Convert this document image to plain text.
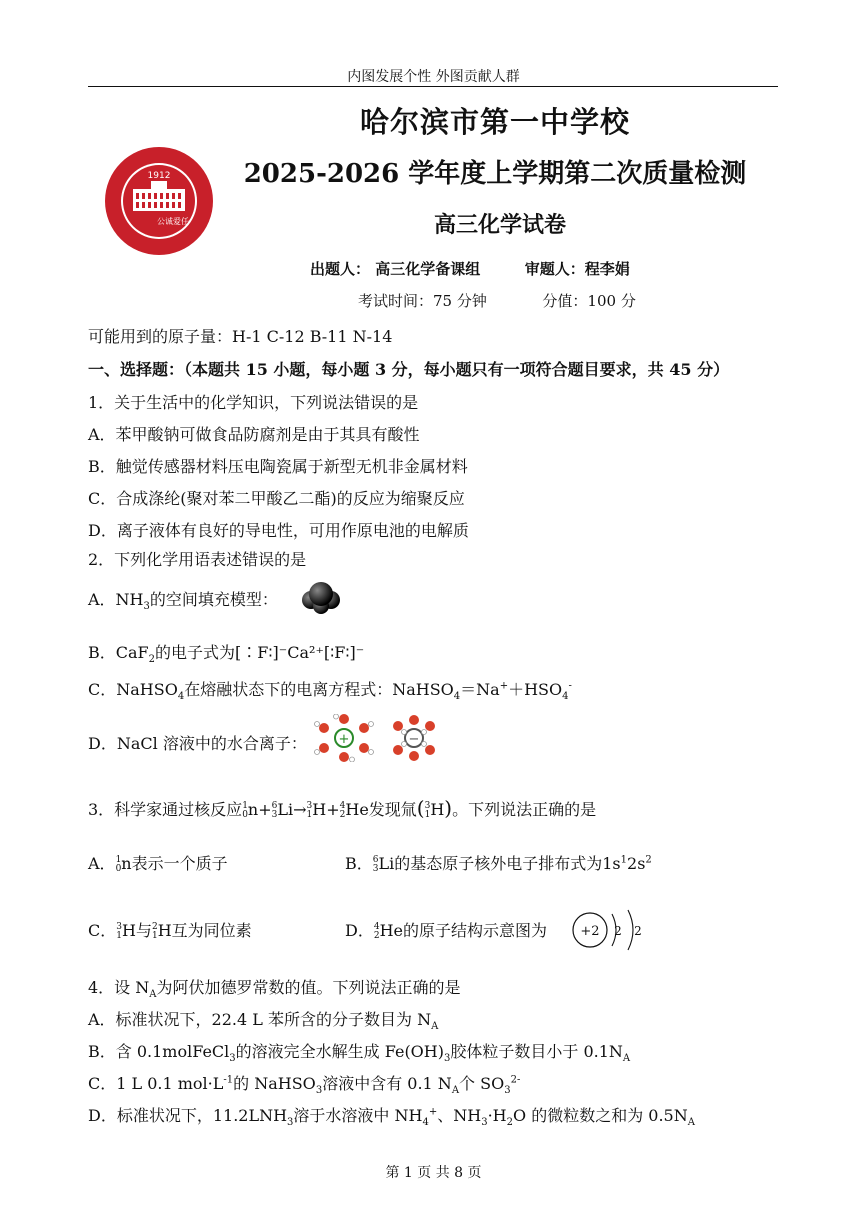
内图发展个性 外图贡献人群
1912
公诚爱任
哈尔滨市第一中学校
2025-2026 学年度上学期第二次质量检测
高三化学试卷
出题人： 高三化学备课组	审题人：程李娟
考试时间：75 分钟	分值：100 分
可能用到的原子量：H-1 C-12 B-11 N-14
一、选择题：（本题共 15 小题，每小题 3 分，每小题只有一项符合题目要求，共 45 分）
1．关于生活中的化学知识，下列说法错误的是
A．苯甲酸钠可做食品防腐剂是由于其具有酸性
B．触觉传感器材料压电陶瓷属于新型无机非金属材料
C．合成涤纶(聚对苯二甲酸乙二酯)的反应为缩聚反应
D．离子液体有良好的导电性，可用作原电池的电解质
2．下列化学用语表述错误的是
A．$NH_3$的空间填充模型：
B．CaF$_2$的电子式为[∶F∶]⁻Ca²⁺[∶F∶]⁻
C．NaHSO$_4$在熔融状态下的电离方程式：$NaHSO_4=Na^++HSO_4^-$
D．NaCl 溶液中的水合离子： +	−
3．科学家通过核反应1
0n+6
3Li→3
1H+4
2He发现氚(3
1H)。下列说法正确的是
A．1
0n表示一个质子	B．6
3Li的基态原子核外电子排布式为$1s^12s^2$
C．3
1H与2
1H互为同位素	D．4
2He的原子结构示意图为	+2 2 2
4．设 $N_A$为阿伏加德罗常数的值。下列说法正确的是
A．标准状况下，22.4 L 苯所含的分子数目为 $N_A$
B．含 0.1molFeCl$_3$的溶液完全水解生成 $Fe(OH)_3$胶体粒子数目小于 $0.1N_A$
C．1 L 0.1 $mol\cdot L^{-1}$的 NaHSO$_3$溶液中含有 0.1 $N_A$个 $SO_3^{2-}$
D．标准状况下，$11.2LNH_3$溶于水溶液中 $NH_4^+$、$NH_3\cdot H_2O$ 的微粒数之和为 $0.5N_A$
第 1 页 共 8 页
